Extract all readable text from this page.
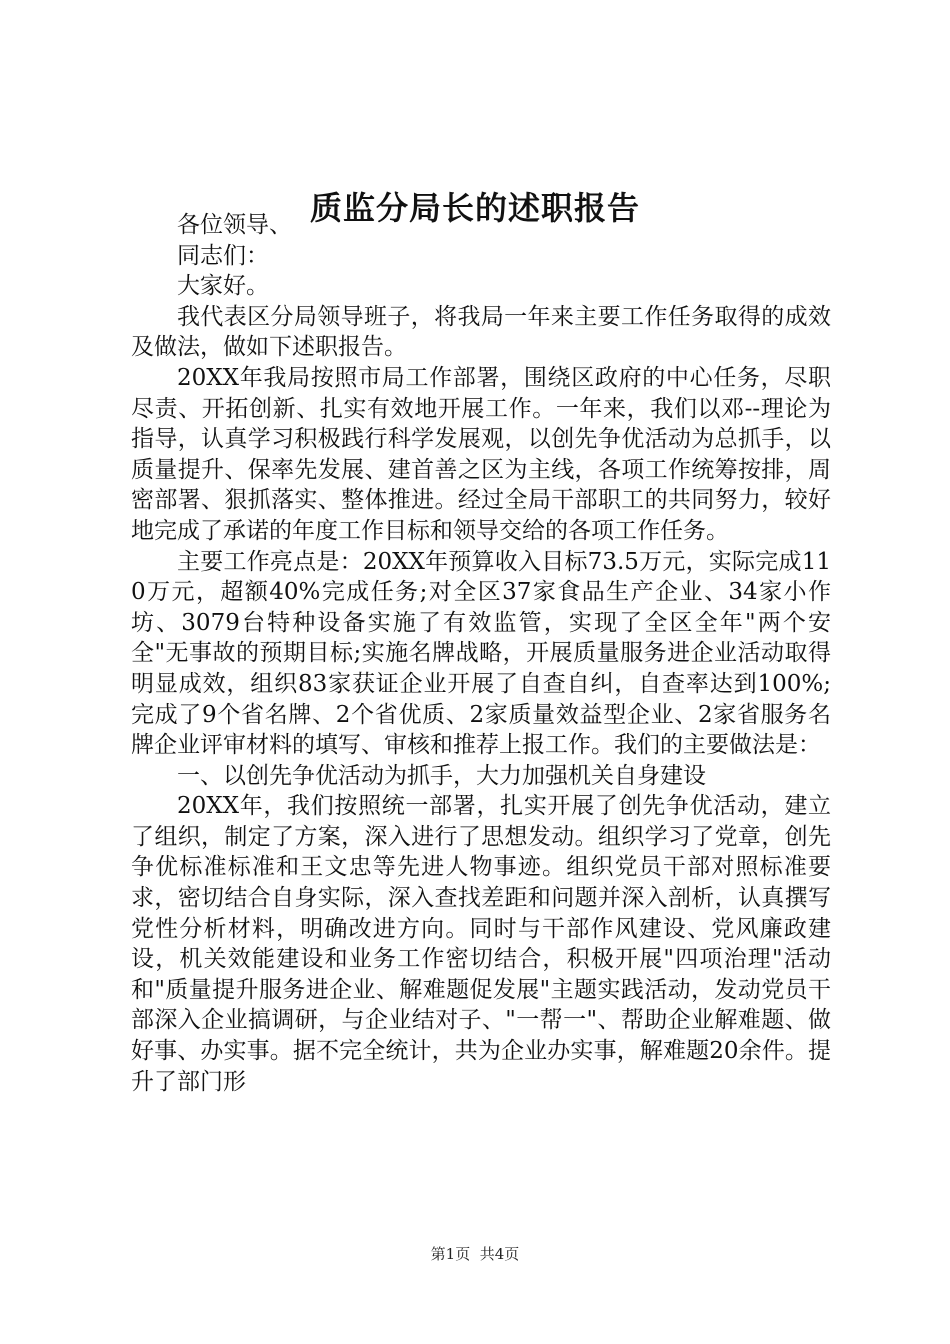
质监分局长的述职报告

各位领导、

同志们：

大家好。

我代表区分局领导班子，将我局一年来主要工作任务取得的成效及做法，做如下述职报告。

20XX年我局按照市局工作部署，围绕区政府的中心任务，尽职尽责、开拓创新、扎实有效地开展工作。一年来，我们以邓--理论为指导，认真学习积极践行科学发展观，以创先争优活动为总抓手，以质量提升、保率先发展、建首善之区为主线，各项工作统筹按排，周密部署、狠抓落实、整体推进。经过全局干部职工的共同努力，较好地完成了承诺的年度工作目标和领导交给的各项工作任务。

主要工作亮点是：20XX年预算收入目标73.5万元，实际完成110万元，超额40%完成任务;对全区37家食品生产企业、34家小作坊、3079台特种设备实施了有效监管，实现了全区全年"两个安全"无事故的预期目标;实施名牌战略，开展质量服务进企业活动取得明显成效，组织83家获证企业开展了自查自纠，自查率达到100%;完成了9个省名牌、2个省优质、2家质量效益型企业、2家省服务名牌企业评审材料的填写、审核和推荐上报工作。我们的主要做法是：

一、以创先争优活动为抓手，大力加强机关自身建设

20XX年，我们按照统一部署，扎实开展了创先争优活动，建立了组织，制定了方案，深入进行了思想发动。组织学习了党章，创先争优标准标准和王文忠等先进人物事迹。组织党员干部对照标准要求，密切结合自身实际，深入查找差距和问题并深入剖析，认真撰写党性分析材料，明确改进方向。同时与干部作风建设、党风廉政建设，机关效能建设和业务工作密切结合，积极开展"四项治理"活动和"质量提升服务进企业、解难题促发展"主题实践活动，发动党员干部深入企业搞调研，与企业结对子、"一帮一"、帮助企业解难题、做好事、办实事。据不完全统计，共为企业办实事，解难题20余件。提升了部门形

第1页 共4页
